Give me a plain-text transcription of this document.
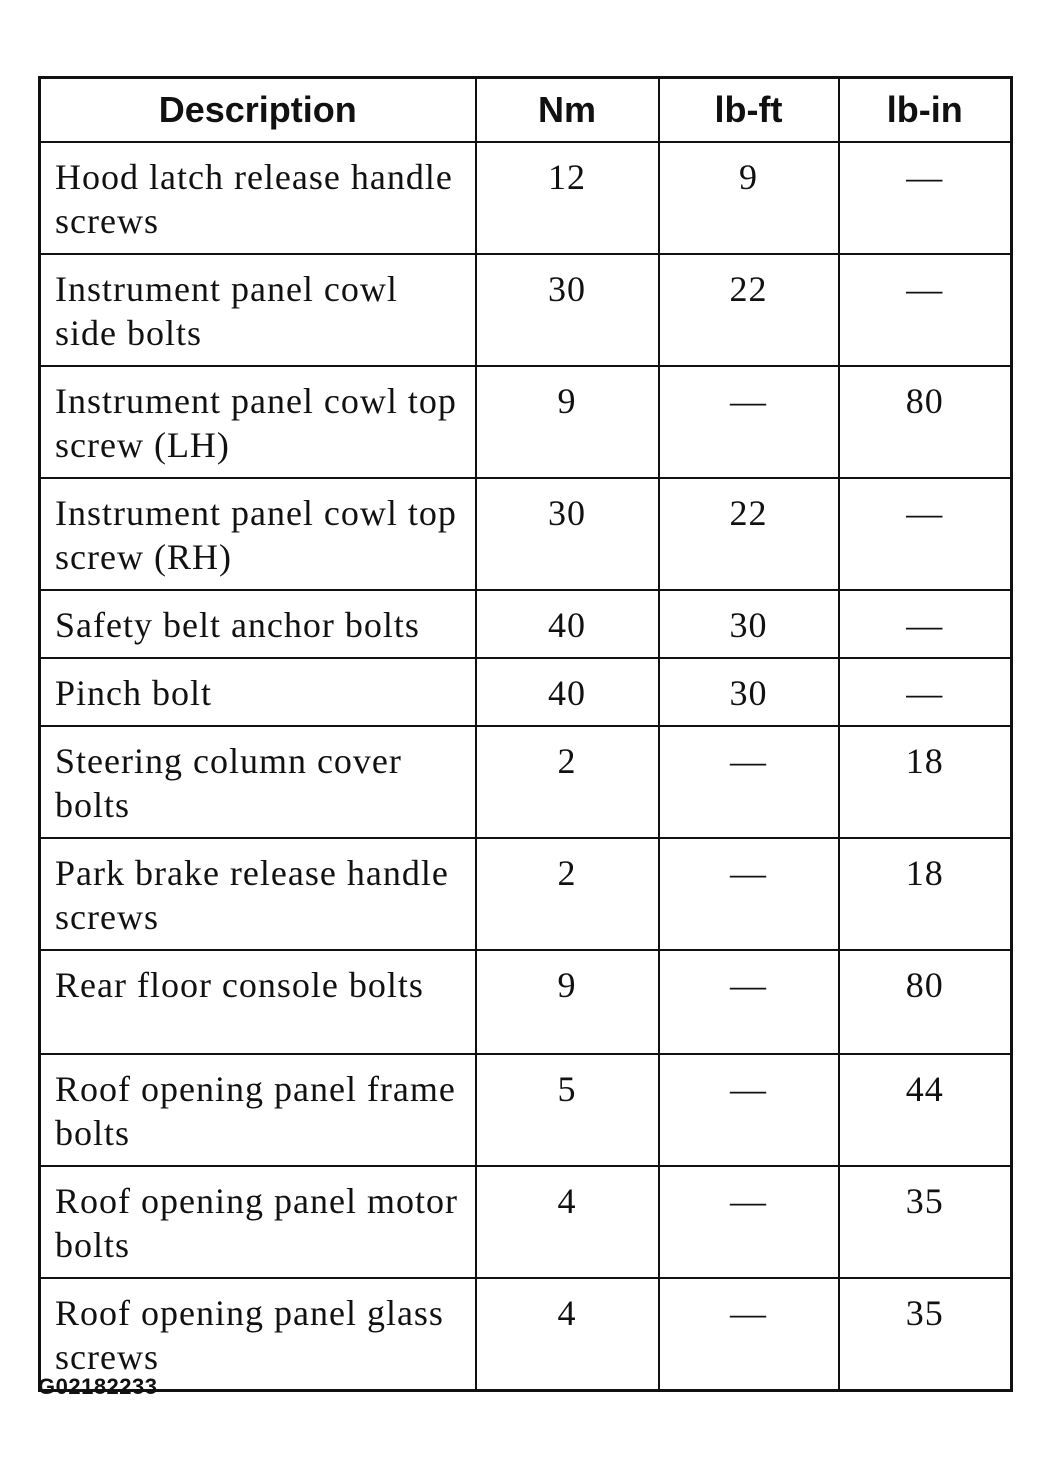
Description	Nm	lb-ft	lb-in
Hood latch release handle screws	12	9	—
Instrument panel cowl side bolts	30	22	—
Instrument panel cowl top screw (LH)	9	—	80
Instrument panel cowl top screw (RH)	30	22	—
Safety belt anchor bolts	40	30	—
Pinch bolt	40	30	—
Steering column cover bolts	2	—	18
Park brake release handle screws	2	—	18
Rear floor console bolts	9	—	80
Roof opening panel frame bolts	5	—	44
Roof opening panel motor bolts	4	—	35
Roof opening panel glass screws	4	—	35
G02182233
